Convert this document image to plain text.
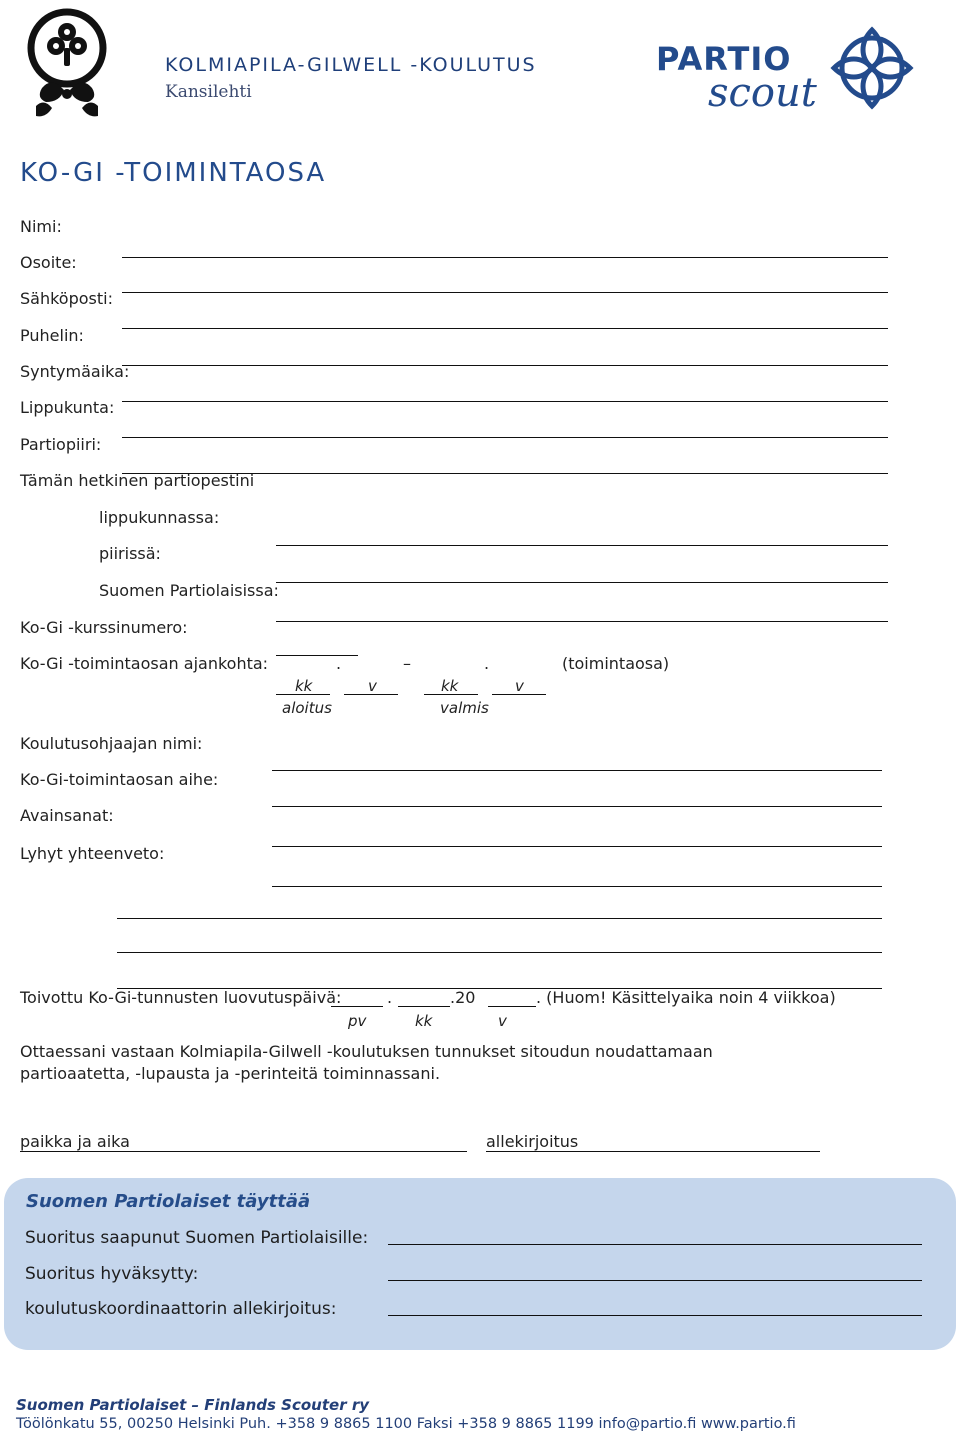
KOLMIAPILA-GILWELL -KOULUTUS
Kansilehti
PARTIO
scout
KO-GI -TOIMINTAOSA
Nimi:
Osoite:
Sähköposti:
Puhelin:
Syntymäaika:
Lippukunta:
Partiopiiri:
Tämän hetkinen partiopestini
lippukunnassa:
piirissä:
Suomen Partiolaisissa:
Ko-Gi -kurssinumero:
Ko-Gi -toimintaosan ajankohta:	.	–	.	(toimintaosa)
kk	v	kk	v
aloitus	valmis
Koulutusohjaajan nimi:
Ko-Gi-toimintaosan aihe:
Avainsanat:
Lyhyt yhteenveto:
Toivottu Ko-Gi-tunnusten luovutuspäivä:	.	.20	. (Huom! Käsittelyaika noin 4 viikkoa)
pv	kk	v
Ottaessani vastaan Kolmiapila-Gilwell -koulutuksen tunnukset sitoudun noudattamaan
partioaatetta, -lupausta ja -perinteitä toiminnassani.
paikka ja aika	allekirjoitus
Suomen Partiolaiset täyttää
Suoritus saapunut Suomen Partiolaisille:
Suoritus hyväksytty:
koulutuskoordinaattorin allekirjoitus:
Suomen Partiolaiset – Finlands Scouter ry
Töölönkatu 55, 00250 Helsinki Puh. +358 9 8865 1100 Faksi +358 9 8865 1199 info@partio.fi www.partio.fi
